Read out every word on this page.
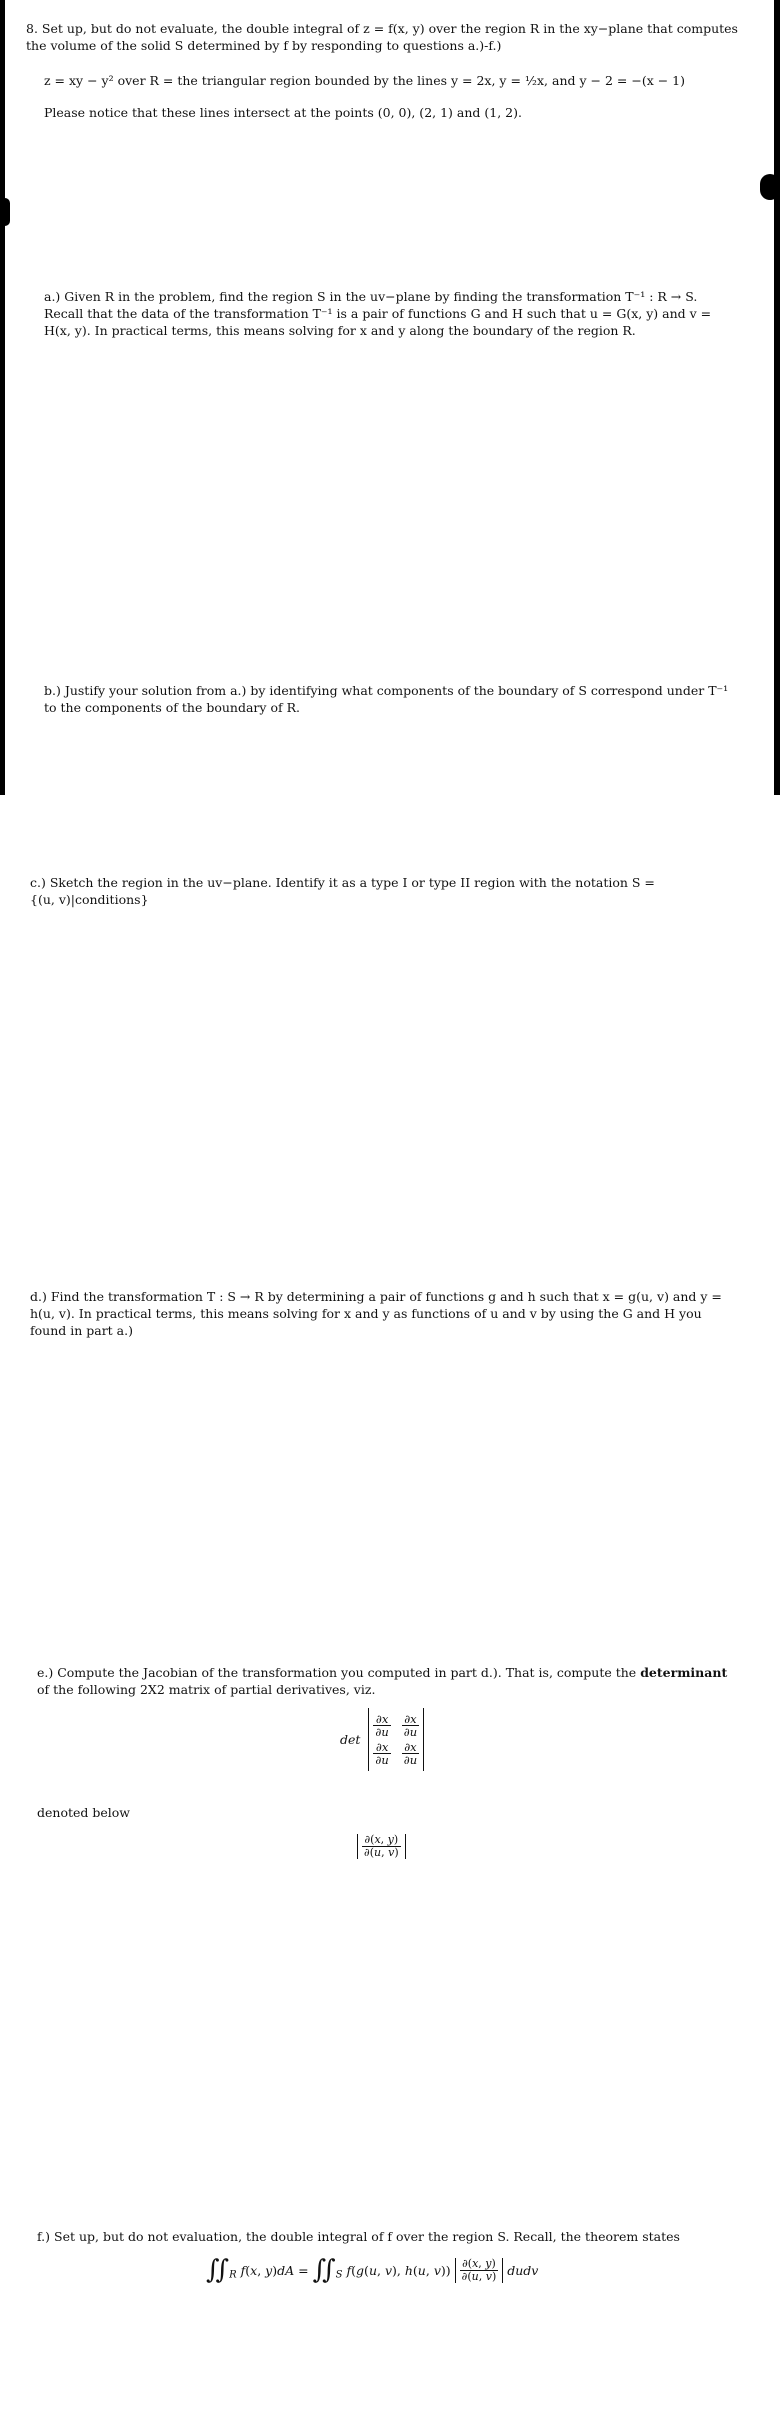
8. Set up, but do not evaluate, the double integral of z = f(x, y) over the region R in the xy−plane that computes the volume of the solid S determined by f by responding to questions a.)-f.)
z = xy − y² over R = the triangular region bounded by the lines y = 2x, y = ½x, and y − 2 = −(x − 1)
Please notice that these lines intersect at the points (0, 0), (2, 1) and (1, 2).
a.) Given R in the problem, find the region S in the uv−plane by finding the transformation T⁻¹ : R → S. Recall that the data of the transformation T⁻¹ is a pair of functions G and H such that u = G(x, y) and v = H(x, y). In practical terms, this means solving for x and y along the boundary of the region R.
b.) Justify your solution from a.) by identifying what components of the boundary of S correspond under T⁻¹ to the components of the boundary of R.
c.) Sketch the region in the uv−plane. Identify it as a type I or type II region with the notation S = {(u, v)|conditions}
d.) Find the transformation T : S → R by determining a pair of functions g and h such that x = g(u, v) and y = h(u, v). In practical terms, this means solving for x and y as functions of u and v by using the G and H you found in part a.)
e.) Compute the Jacobian of the transformation you computed in part d.). That is, compute the determinant of the following 2X2 matrix of partial derivatives, viz.
det
$\frac{\partial x}{\partial u} \frac{\partial x}{\partial u}$
$\frac{\partial x}{\partial u} \frac{\partial x}{\partial u}$
denoted below
$\frac{\partial(x, y)}{\partial(u, v)}$
f.) Set up, but do not evaluation, the double integral of f over the region S. Recall, the theorem states
$\int\int_R$ f(x, $y)dA = \int\int_S$ f(g(u, v), h(u, $v)) \frac{\partial(x, y)}{\partial(u, v)}$ dudv
